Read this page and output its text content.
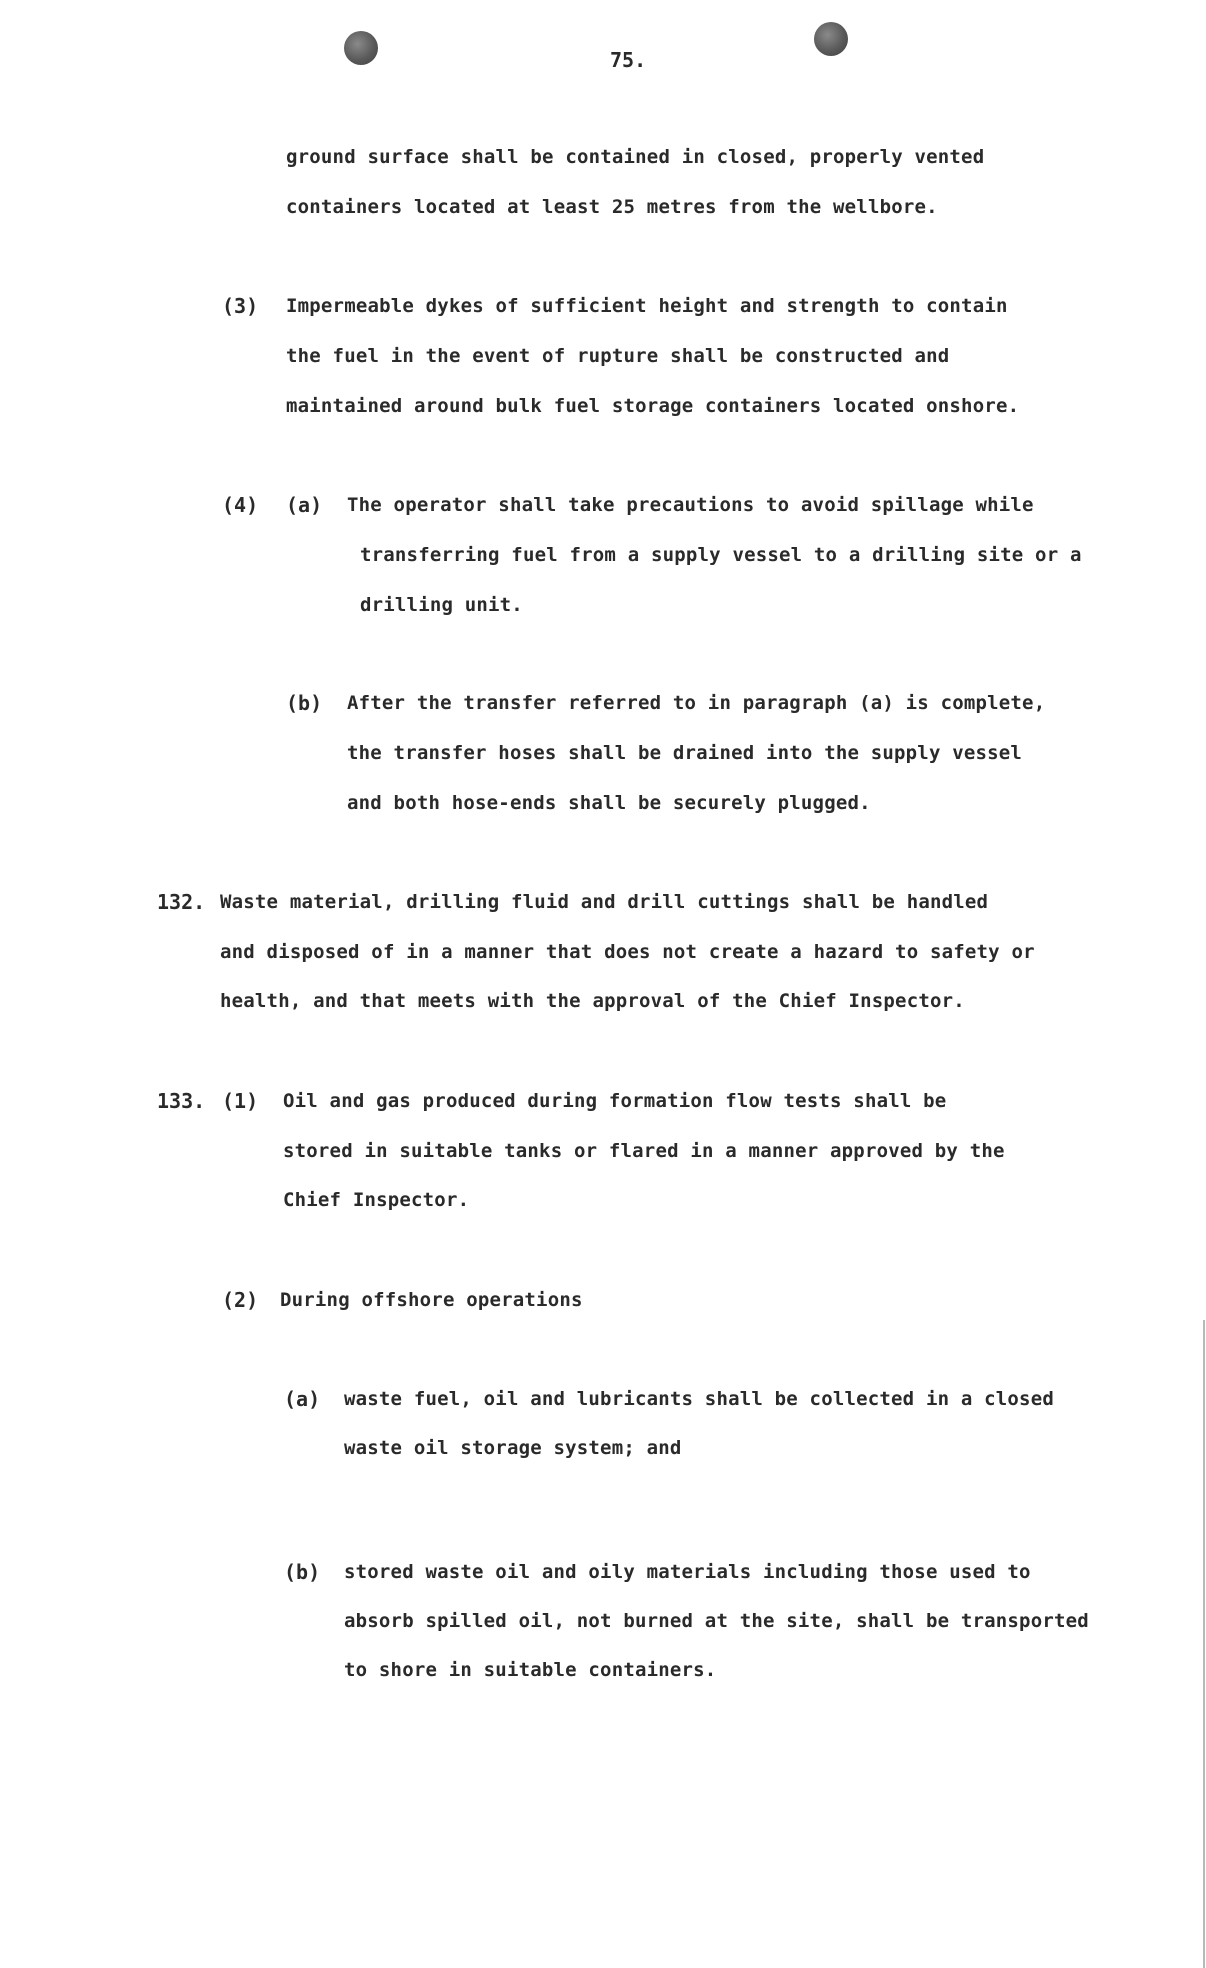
75.
ground surface shall be contained in closed, properly vented
containers located at least 25 metres from the wellbore.
(3) Impermeable dykes of sufficient height and strength to contain
the fuel in the event of rupture shall be constructed and
maintained around bulk fuel storage containers located onshore.
(4) (a) The operator shall take precautions to avoid spillage while
transferring fuel from a supply vessel to a drilling site or a
drilling unit.
(b) After the transfer referred to in paragraph (a) is complete,
the transfer hoses shall be drained into the supply vessel
and both hose-ends shall be securely plugged.
132. Waste material, drilling fluid and drill cuttings shall be handled
and disposed of in a manner that does not create a hazard to safety or
health, and that meets with the approval of the Chief Inspector.
133. (1) Oil and gas produced during formation flow tests shall be
stored in suitable tanks or flared in a manner approved by the
Chief Inspector.
(2) During offshore operations
(a) waste fuel, oil and lubricants shall be collected in a closed
waste oil storage system; and
(b) stored waste oil and oily materials including those used to
absorb spilled oil, not burned at the site, shall be transported
to shore in suitable containers.
